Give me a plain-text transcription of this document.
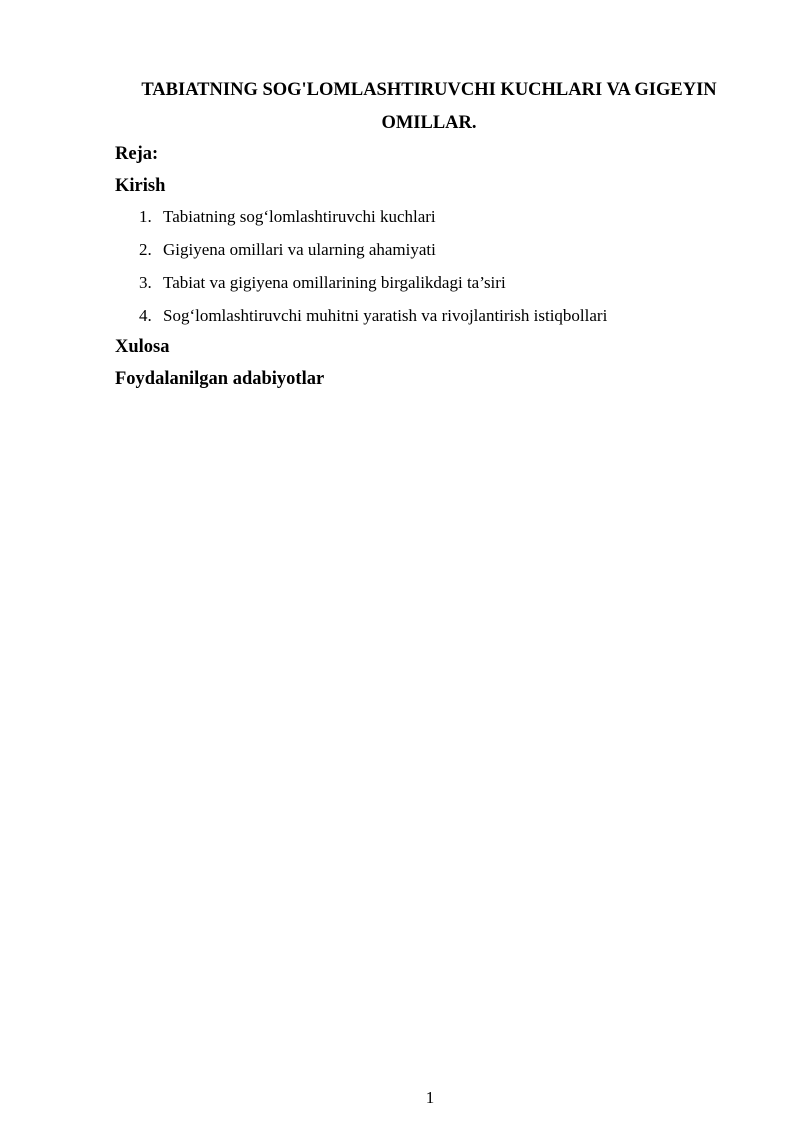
TABIATNING SOG'LOMLASHTIRUVCHI KUCHLARI VA GIGEYIN
OMILLAR.
Reja:
Kirish
1. Tabiatning sog‘lomlashtiruvchi kuchlari
2. Gigiyena omillari va ularning ahamiyati
3. Tabiat va gigiyena omillarining birgalikdagi ta’siri
4. Sog‘lomlashtiruvchi muhitni yaratish va rivojlantirish istiqbollari
Xulosa
Foydalanilgan adabiyotlar
1
